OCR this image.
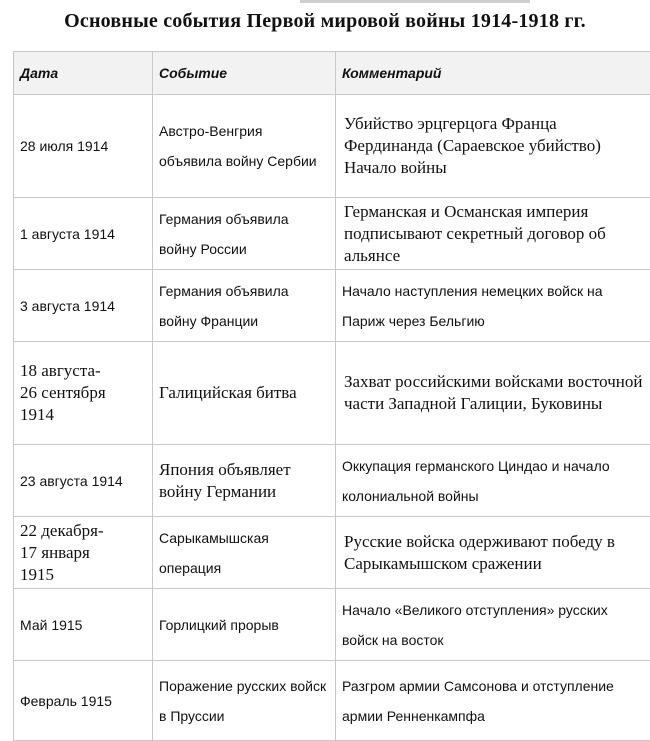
Основные события Первой мировой войны 1914-1918 гг.
Дата	Событие	Комментарий
28 июля 1914	Австро-Венгрия объявила войну Сербии	Убийство эрцгерцога Франца Фердинанда (Сараевское убийство) Начало войны
1 августа 1914	Германия объявила войну России	Германская и Османская империя подписывают секретный договор об альянсе
3 августа 1914	Германия объявила войну Франции	Начало наступления немецких войск на Париж через Бельгию

18 августа-
26 сентября
1914	Галицийская битва	Захват российскими войсками восточной части Западной Галиции, Буковины
23 августа 1914	Япония объявляет войну Германии	Оккупация германского Циндао и начало колониальной войны

22 декабря-
17 января
1915	Сарыкамышская операция	Русские войска одерживают победу в Сарыкамышском сражении
Май 1915	Горлицкий прорыв	Начало «Великого отступления» русских войск на восток
Февраль 1915	Поражение русских войск в Пруссии	Разгром армии Самсонова и отступление армии Ренненкампфа
